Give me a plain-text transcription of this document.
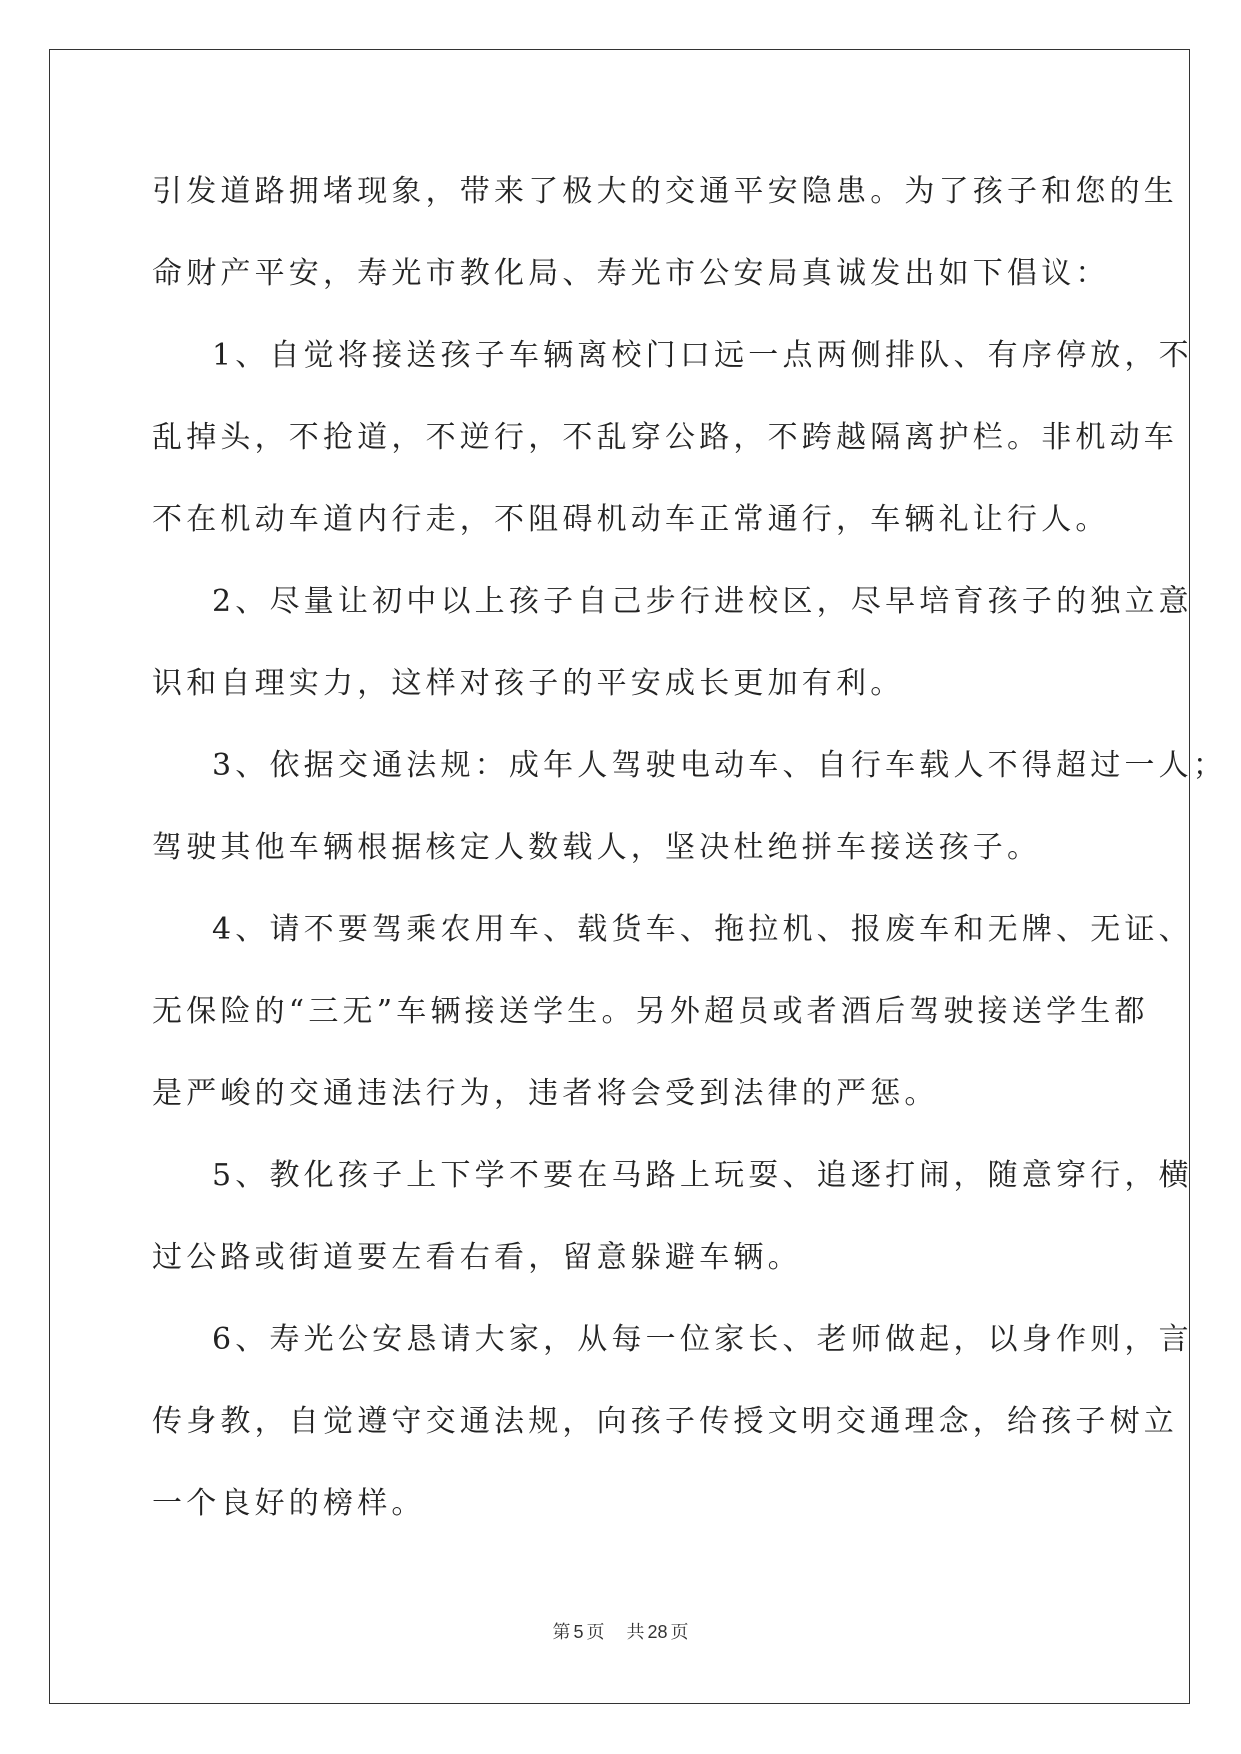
引发道路拥堵现象，带来了极大的交通平安隐患。为了孩子和您的生
命财产平安，寿光市教化局、寿光市公安局真诚发出如下倡议：
1、自觉将接送孩子车辆离校门口远一点两侧排队、有序停放，不
乱掉头，不抢道，不逆行，不乱穿公路，不跨越隔离护栏。非机动车
不在机动车道内行走，不阻碍机动车正常通行，车辆礼让行人。
2、尽量让初中以上孩子自己步行进校区，尽早培育孩子的独立意
识和自理实力，这样对孩子的平安成长更加有利。
3、依据交通法规：成年人驾驶电动车、自行车载人不得超过一人；
驾驶其他车辆根据核定人数载人，坚决杜绝拼车接送孩子。
4、请不要驾乘农用车、载货车、拖拉机、报废车和无牌、无证、
无保险的“三无”车辆接送学生。另外超员或者酒后驾驶接送学生都
是严峻的交通违法行为，违者将会受到法律的严惩。
5、教化孩子上下学不要在马路上玩耍、追逐打闹，随意穿行，横
过公路或街道要左看右看，留意躲避车辆。
6、寿光公安恳请大家，从每一位家长、老师做起，以身作则，言
传身教，自觉遵守交通法规，向孩子传授文明交通理念，给孩子树立
一个良好的榜样。
第 5 页 共 28 页
